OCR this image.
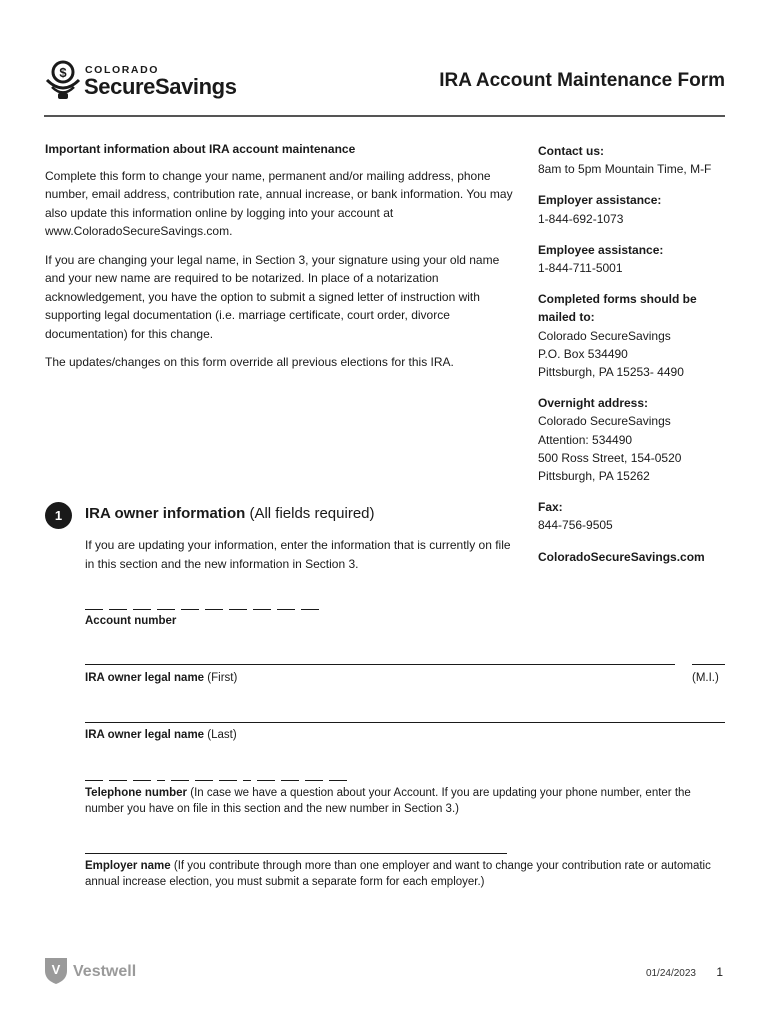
$ COLORADO
SecureSavings	IRA Account Maintenance Form
Important information about IRA account maintenance

Complete this form to change your name, permanent and/or mailing address, phone number, email address, contribution rate, annual increase, or bank information. You may also update this information online by logging into your account at www.ColoradoSecureSavings.com.

If you are changing your legal name, in Section 3, your signature using your old name and your new name are required to be notarized. In place of a notarization acknowledgement, you have the option to submit a signed letter of instruction with supporting legal documentation (i.e. marriage certificate, court order, divorce documentation) for this change.

The updates/changes on this form override all previous elections for this IRA.

Contact us:
8am to 5pm Mountain Time, M-F
Employer assistance:
1-844-692-1073
Employee assistance:
1-844-711-5001
Completed forms should be mailed to:
Colorado SecureSavings
P.O. Box 534490
Pittsburgh, PA 15253- 4490
Overnight address:
Colorado SecureSavings
Attention: 534490
500 Ross Street, 154-0520
Pittsburgh, PA 15262
Fax:
844-756-9505
ColoradoSecureSavings.com
1	IRA owner information (All fields required)
If you are updating your information, enter the information that is currently on file in this section and the new information in Section 3.
Account number
IRA owner legal name (First)	(M.I.)
IRA owner legal name (Last)
Telephone number (In case we have a question about your Account. If you are updating your phone number, enter the number you have on file in this section and the new number in Section 3.)
Employer name (If you contribute through more than one employer and want to change your contribution rate or automatic annual increase election, you must submit a separate form for each employer.)
V Vestwell	01/24/2023 1
